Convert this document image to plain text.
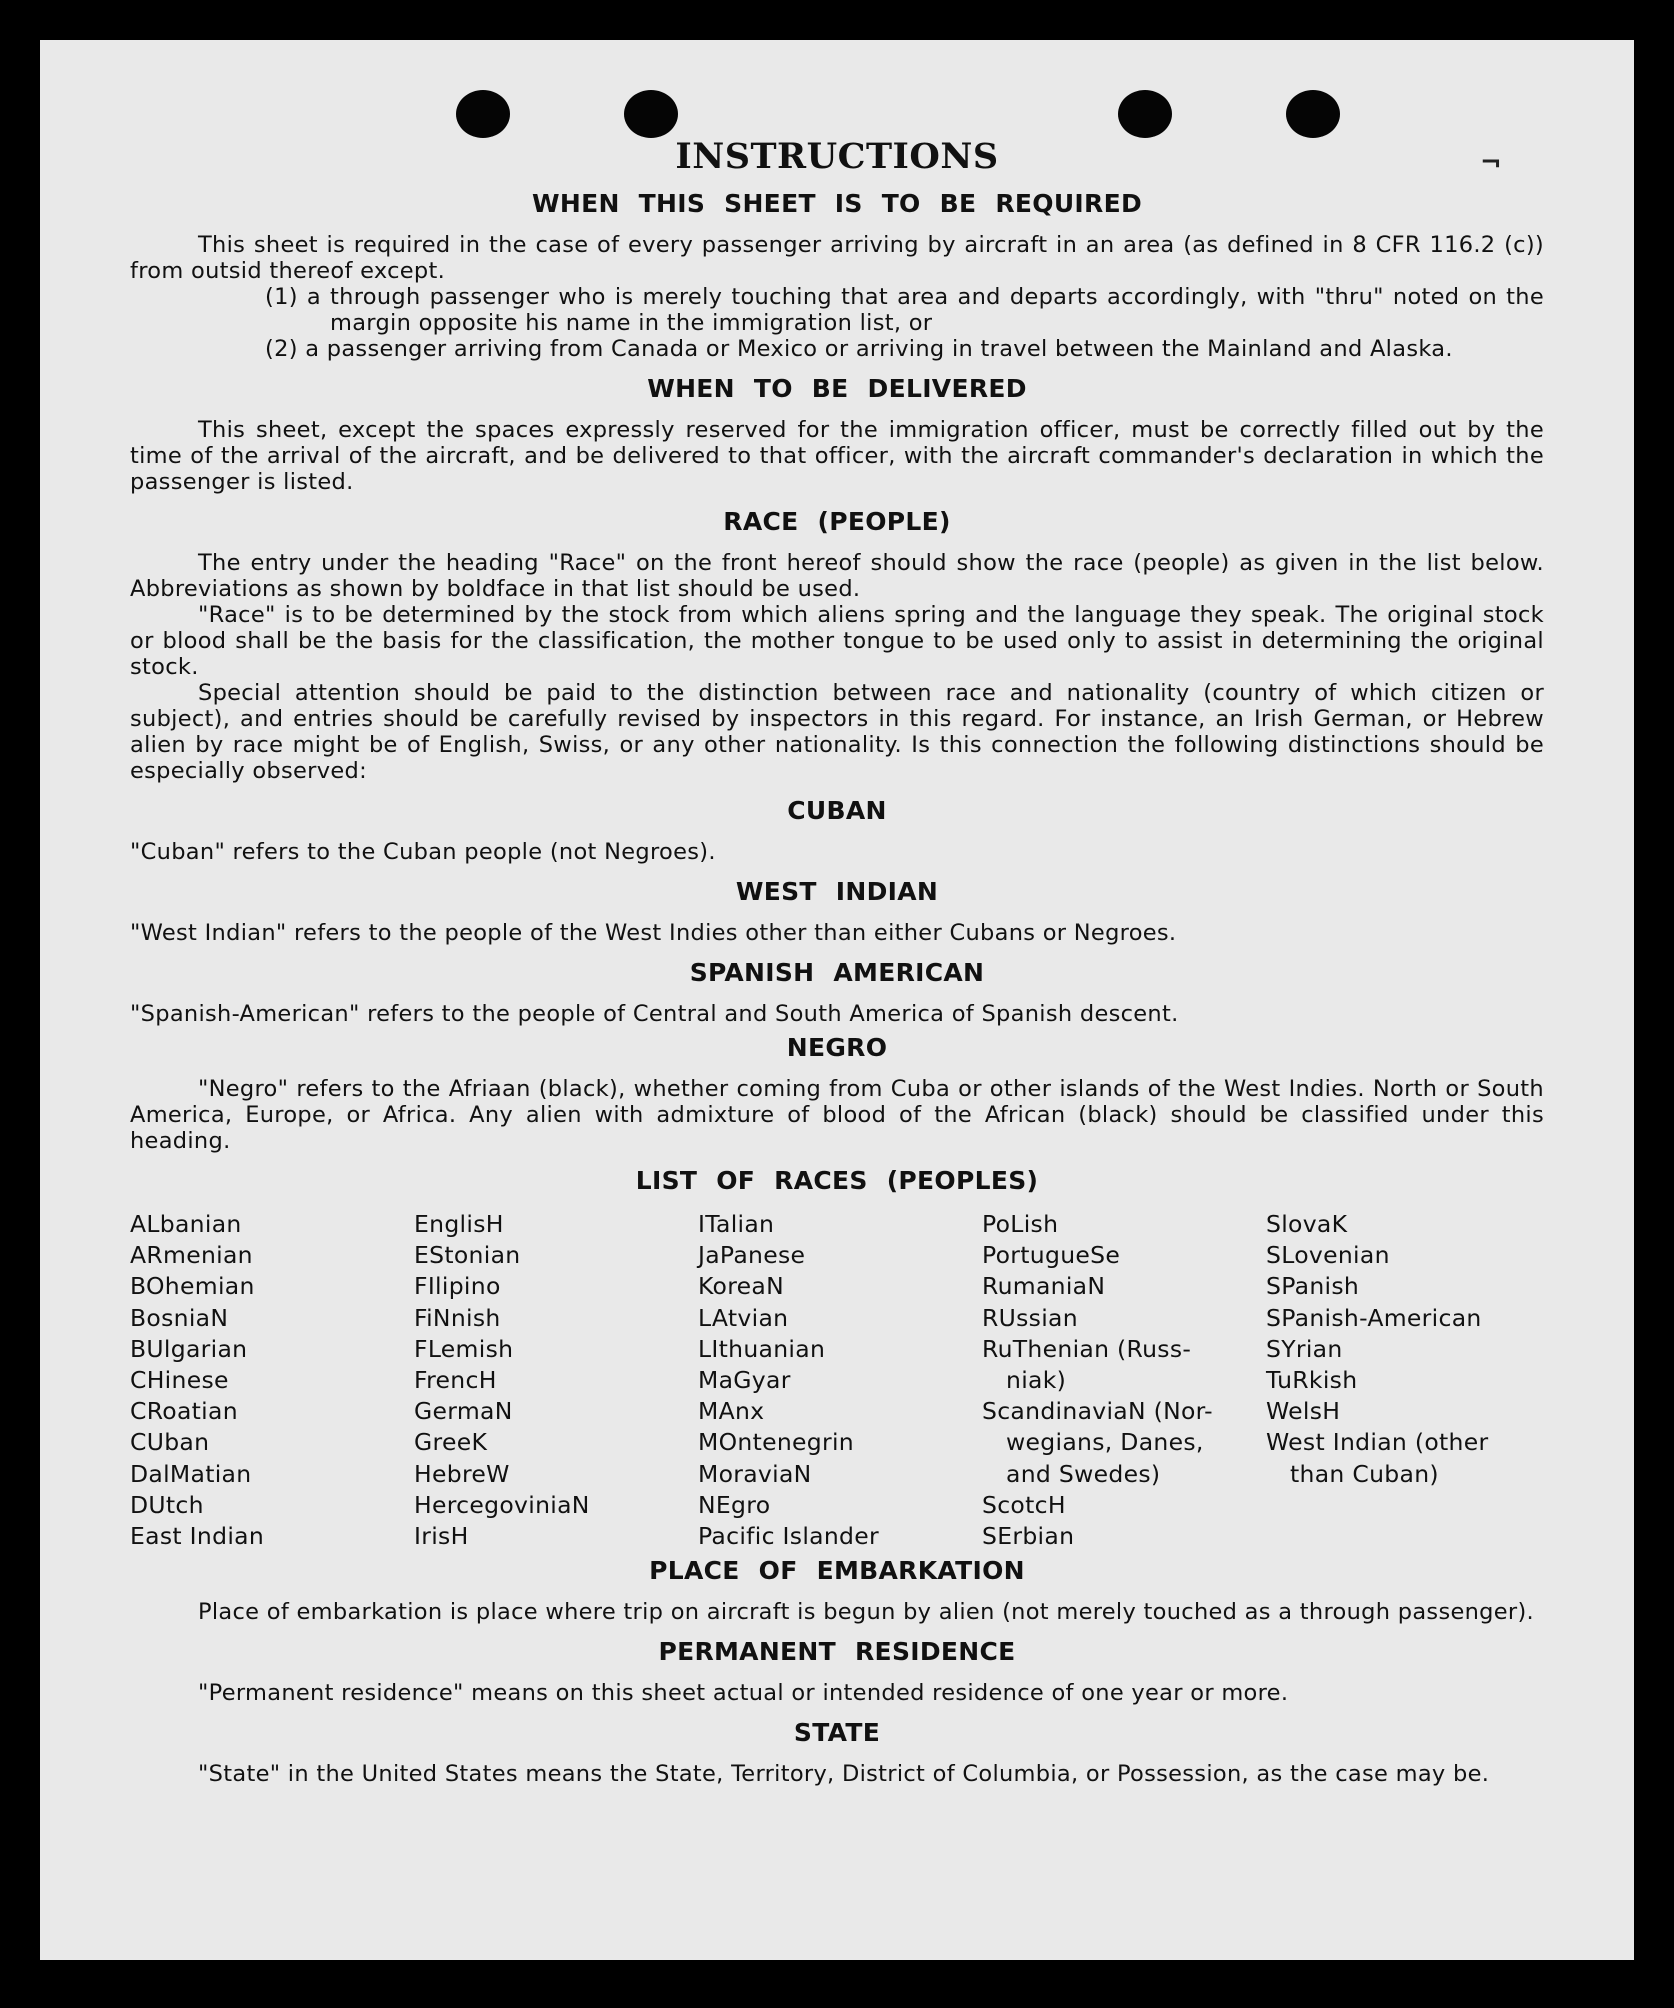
¬
INSTRUCTIONS
WHEN THIS SHEET IS TO BE REQUIRED

This sheet is required in the case of every passenger arriving by aircraft in an area (as defined in 8 CFR 116.2 (c)) from outsid thereof except.

(1) a through passenger who is merely touching that area and departs accordingly, with "thru" noted on the margin opposite his name in the immigration list, or

(2) a passenger arriving from Canada or Mexico or arriving in travel between the Mainland and Alaska.

WHEN TO BE DELIVERED

This sheet, except the spaces expressly reserved for the immigration officer, must be correctly filled out by the time of the arrival of the aircraft, and be delivered to that officer, with the aircraft commander's declaration in which the passenger is listed.

RACE (PEOPLE)

The entry under the heading "Race" on the front hereof should show the race (people) as given in the list below. Abbreviations as shown by boldface in that list should be used.

"Race" is to be determined by the stock from which aliens spring and the language they speak. The original stock or blood shall be the basis for the classification, the mother tongue to be used only to assist in determining the original stock.

Special attention should be paid to the distinction between race and nationality (country of which citizen or subject), and entries should be carefully revised by inspectors in this regard. For instance, an Irish German, or Hebrew alien by race might be of English, Swiss, or any other nationality. Is this connection the following distinctions should be especially observed:

CUBAN

"Cuban" refers to the Cuban people (not Negroes).

WEST INDIAN

"West Indian" refers to the people of the West Indies other than either Cubans or Negroes.

SPANISH AMERICAN

"Spanish-American" refers to the people of Central and South America of Spanish descent.

NEGRO

"Negro" refers to the Afriaan (black), whether coming from Cuba or other islands of the West Indies. North or South America, Europe, or Africa. Any alien with admixture of blood of the African (black) should be classified under this heading.

LIST OF RACES (PEOPLES)
ALbanian
ARmenian
BOhemian
BosniaN
BUlgarian
CHinese
CRoatian
CUban
DalMatian
DUtch
East Indian
EnglisH
EStonian
FIlipino
FiNnish
FLemish
FrencH
GermaN
GreeK
HebreW
HercegoviniaN
IrisH
ITalian
JaPanese
KoreaN
LAtvian
LIthuanian
MaGyar
MAnx
MOntenegrin
MoraviaN
NEgro
Pacific Islander
PoLish
PortugueSe
RumaniaN
RUssian
RuThenian (Russ-
niak)
ScandinaviaN (Nor-
wegians, Danes,
and Swedes)
ScotcH
SErbian
SlovaK
SLovenian
SPanish
SPanish-American
SYrian
TuRkish
WelsH
West Indian (other
than Cuban)
PLACE OF EMBARKATION

Place of embarkation is place where trip on aircraft is begun by alien (not merely touched as a through passenger).

PERMANENT RESIDENCE

"Permanent residence" means on this sheet actual or intended residence of one year or more.

STATE

"State" in the United States means the State, Territory, District of Columbia, or Possession, as the case may be.
